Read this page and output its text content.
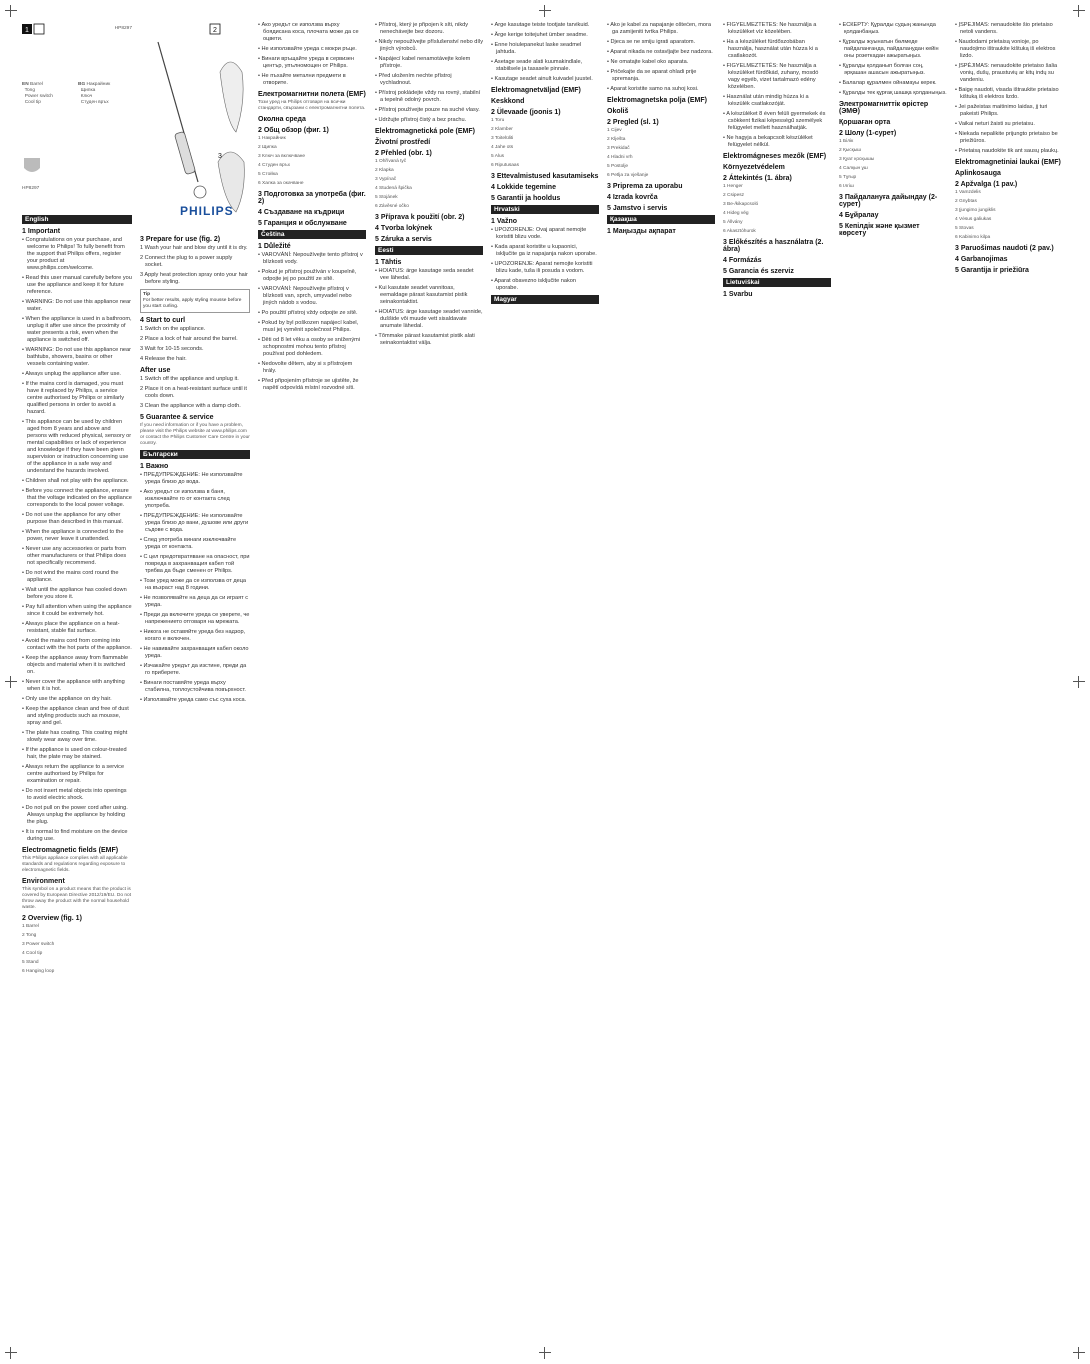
1	HP8297
EN Barrel
Tong
Power switch
Cool tip
BG Накрайник
Щипка
Ключ
Студен връх
HP8297
English
1 Important

• Congratulations on your purchase, and welcome to Philips! To fully benefit from the support that Philips offers, register your product at www.philips.com/welcome.

• Read this user manual carefully before you use the appliance and keep it for future reference.

• WARNING: Do not use this appliance near water.

• When the appliance is used in a bathroom, unplug it after use since the proximity of water presents a risk, even when the appliance is switched off.

• WARNING: Do not use this appliance near bathtubs, showers, basins or other vessels containing water.

• Always unplug the appliance after use.

• If the mains cord is damaged, you must have it replaced by Philips, a service centre authorised by Philips or similarly qualified persons in order to avoid a hazard.

• This appliance can be used by children aged from 8 years and above and persons with reduced physical, sensory or mental capabilities or lack of experience and knowledge if they have been given supervision or instruction concerning use of the appliance in a safe way and understand the hazards involved.

• Children shall not play with the appliance.

• Before you connect the appliance, ensure that the voltage indicated on the appliance corresponds to the local power voltage.

• Do not use the appliance for any other purpose than described in this manual.

• When the appliance is connected to the power, never leave it unattended.

• Never use any accessories or parts from other manufacturers or that Philips does not specifically recommend.

• Do not wind the mains cord round the appliance.

• Wait until the appliance has cooled down before you store it.

• Pay full attention when using the appliance since it could be extremely hot.

• Always place the appliance on a heat-resistant, stable flat surface.

• Avoid the mains cord from coming into contact with the hot parts of the appliance.

• Keep the appliance away from flammable objects and material when it is switched on.

• Never cover the appliance with anything when it is hot.

• Only use the appliance on dry hair.

• Keep the appliance clean and free of dust and styling products such as mousse, spray and gel.

• The plate has coating. This coating might slowly wear away over time.

• If the appliance is used on colour-treated hair, the plate may be stained.

• Always return the appliance to a service centre authorised by Philips for examination or repair.

• Do not insert metal objects into openings to avoid electric shock.

• Do not pull on the power cord after using. Always unplug the appliance by holding the plug.

• It is normal to find moisture on the device during use.

Electromagnetic fields (EMF)

This Philips appliance complies with all applicable standards and regulations regarding exposure to electromagnetic fields.

Environment

This symbol on a product means that the product is covered by European Directive 2012/19/EU. Do not throw away the product with the normal household waste.

2 Overview (fig. 1)

1 Barrel

2 Tong

3 Power switch

4 Cool tip

5 Stand

6 Hanging loop

2
3
PHILIPS
3 Prepare for use (fig. 2)

1 Wash your hair and blow dry until it is dry.

2 Connect the plug to a power supply socket.

3 Apply heat protection spray onto your hair before styling.

Tip
For better results, apply styling mousse before you start curling.
4 Start to curl

1 Switch on the appliance.

2 Place a lock of hair around the barrel.

3 Wait for 10-15 seconds.

4 Release the hair.

After use

1 Switch off the appliance and unplug it.

2 Place it on a heat-resistant surface until it cools down.

3 Clean the appliance with a damp cloth.

5 Guarantee & service

If you need information or if you have a problem, please visit the Philips website at www.philips.com or contact the Philips Customer Care Centre in your country.

Български
1 Важно

• ПРЕДУПРЕЖДЕНИЕ: Не използвайте уреда близо до вода.

• Ако уредът се използва в баня, изключвайте го от контакта след употреба.

• ПРЕДУПРЕЖДЕНИЕ: Не използвайте уреда близо до вани, душове или други съдове с вода.

• След употреба винаги изключвайте уреда от контакта.

• С цел предотвратяване на опасност, при повреда в захранващия кабел той трябва да бъде сменен от Philips.

• Този уред може да се използва от деца на възраст над 8 години.

• Не позволявайте на деца да си играят с уреда.

• Преди да включите уреда се уверете, че напрежението отговаря на мрежата.

• Никога не оставяйте уреда без надзор, когато е включен.

• Не навивайте захранващия кабел около уреда.

• Изчакайте уредът да изстине, преди да го приберете.

• Винаги поставяйте уреда върху стабилна, топлоустойчива повърхност.

• Използвайте уреда само със суха коса.

• Ако уредът се използва върху боядисана коса, плочата може да се оцвети.

• Не използвайте уреда с мокри ръце.

• Винаги връщайте уреда в сервизен център, упълномощен от Philips.

• Не пъхайте метални предмети в отворите.

Електромагнитни полета (EMF)

Този уред на Philips отговаря на всички стандарти, свързани с електромагнитни полета.

Околна среда
2 Общ обзор (фиг. 1)

1 Накрайник

2 Щипка

3 Ключ за включване

4 Студен връх

5 Стойка

6 Халка за окачване

3 Подготовка за употреба (фиг. 2)
4 Създаване на къдрици
5 Гаранция и обслужване
Čeština
1 Důležité

• VAROVÁNÍ: Nepoužívejte tento přístroj v blízkosti vody.

• Pokud je přístroj používán v koupelně, odpojte jej po použití ze sítě.

• VAROVÁNÍ: Nepoužívejte přístroj v blízkosti van, sprch, umyvadel nebo jiných nádob s vodou.

• Po použití přístroj vždy odpojte ze sítě.

• Pokud by byl poškozen napájecí kabel, musí jej vyměnit společnost Philips.

• Děti od 8 let věku a osoby se sníženými schopnostmi mohou tento přístroj používat pod dohledem.

• Nedovolte dětem, aby si s přístrojem hrály.

• Před připojením přístroje se ujistěte, že napětí odpovídá místní rozvodné síti.

• Přístroj, který je připojen k síti, nikdy nenechávejte bez dozoru.

• Nikdy nepoužívejte příslušenství nebo díly jiných výrobců.

• Napájecí kabel nenamotávejte kolem přístroje.

• Před uložením nechte přístroj vychladnout.

• Přístroj pokládejte vždy na rovný, stabilní a tepelně odolný povrch.

• Přístroj používejte pouze na suché vlasy.

• Udržujte přístroj čistý a bez prachu.

Elektromagnetická pole (EMF)
Životní prostředí
2 Přehled (obr. 1)

1 Ohřívaná tyč

2 Klapka

3 Vypínač

4 Studená špička

5 Stojánek

6 Závěsné očko

3 Příprava k použití (obr. 2)
4 Tvorba lokýnek
5 Záruka a servis
Eesti
1 Tähtis

• HOIATUS: ärge kasutage seda seadet vee lähedal.

• Kui kasutate seadet vannitoas, eemaldage pärast kasutamist pistik seinakontaktist.

• HOIATUS: ärge kasutage seadet vannide, duššide või muude vett sisaldavate anumate lähedal.

• Tõmmake pärast kasutamist pistik alati seinakontaktist välja.

• Ärge kasutage teiste tootjate tarvikuid.

• Ärge kerige toitejuhet ümber seadme.

• Enne hoiulepanekut laske seadmel jahtuda.

• Asetage seade alati kuumakindlale, stabiilsele ja tasasele pinnale.

• Kasutage seadet ainult kuivadel juustel.

Elektromagnetväljad (EMF)
Keskkond
2 Ülevaade (joonis 1)

1 Toru

2 Klamber

3 Toitelüliti

4 Jahe ots

5 Alus

6 Riputusaas

3 Ettevalmistused kasutamiseks
4 Lokkide tegemine
5 Garantii ja hooldus
Hrvatski
1 Važno

• UPOZORENJE: Ovaj aparat nemojte koristiti blizu vode.

• Kada aparat koristite u kupaonici, isključite ga iz napajanja nakon uporabe.

• UPOZORENJE: Aparat nemojte koristiti blizu kade, tuša ili posuda s vodom.

• Aparat obavezno isključite nakon uporabe.

Magyar

• Ako je kabel za napajanje oštećen, mora ga zamijeniti tvrtka Philips.

• Djeca se ne smiju igrati aparatom.

• Aparat nikada ne ostavljajte bez nadzora.

• Ne omatajte kabel oko aparata.

• Pričekajte da se aparat ohladi prije spremanja.

• Aparat koristite samo na suhoj kosi.

Elektromagnetska polja (EMF)
Okoliš
2 Pregled (sl. 1)

1 Cijev

2 Klješta

3 Prekidač

4 Hladni vrh

5 Postolje

6 Petlja za vješanje

3 Priprema za uporabu
4 Izrada kovrča
5 Jamstvo i servis
Қазақша
1 Маңызды ақпарат

• FIGYELMEZTETÉS: Ne használja a készüléket víz közelében.

• Ha a készüléket fürdőszobában használja, használat után húzza ki a csatlakozót.

• FIGYELMEZTETÉS: Ne használja a készüléket fürdőkád, zuhany, mosdó vagy egyéb, vizet tartalmazó edény közelében.

• Használat után mindig húzza ki a készülék csatlakozóját.

• A készüléket 8 éven felüli gyermekek és csökkent fizikai képességű személyek felügyelet mellett használhatják.

• Ne hagyja a bekapcsolt készüléket felügyelet nélkül.

Elektromágneses mezők (EMF)
Környezetvédelem
2 Áttekintés (1. ábra)

1 Henger

2 Csipesz

3 Be-/kikapcsoló

4 Hideg vég

5 Állvány

6 Akasztóhurok

3 Előkészítés a használatra (2. ábra)
4 Formázás
5 Garancia és szerviz
Lietuviškai
1 Svarbu

• ЕСКЕРТУ: Құралды судың жанында қолданбаңыз.

• Құралды жуынатын бөлмеде пайдаланғанда, пайдаланудан кейін оны розеткадан ажыратыңыз.

• Құралды қолданып болған соң, әрқашан ашасын ажыратыңыз.

• Балалар құралмен ойнамауы керек.

• Құралды тек құрғақ шашқа қолданыңыз.

Электромагниттік өрістер (ЭМӨ)
Қоршаған орта
2 Шолу (1-сурет)

1 Білік

2 Қысқыш

3 Қуат қосқышы

4 Салқын ұш

5 Тұғыр

6 Ілгіш

3 Пайдалануға дайындау (2-сурет)
4 Бұйралау
5 Кепілдік және қызмет көрсету

• ĮSPĖJIMAS: nenaudokite šio prietaiso netoli vandens.

• Naudodami prietaisą vonioje, po naudojimo ištraukite kištuką iš elektros lizdo.

• ĮSPĖJIMAS: nenaudokite prietaiso šalia vonių, dušų, praustuvių ar kitų indų su vandeniu.

• Baigę naudoti, visada ištraukite prietaiso kištuką iš elektros lizdo.

• Jei pažeistas maitinimo laidas, jį turi pakeisti Philips.

• Vaikai neturi žaisti su prietaisu.

• Niekada nepalikite prijungto prietaiso be priežiūros.

• Prietaisą naudokite tik ant sausų plaukų.

Elektromagnetiniai laukai (EMF)
Aplinkosauga
2 Apžvalga (1 pav.)

1 Vamzdelis

2 Gnybtas

3 Įjungimo jungiklis

4 Vėsus galiukas

5 Stovas

6 Kabinimo kilpa

3 Paruošimas naudoti (2 pav.)
4 Garbanojimas
5 Garantija ir priežiūra
